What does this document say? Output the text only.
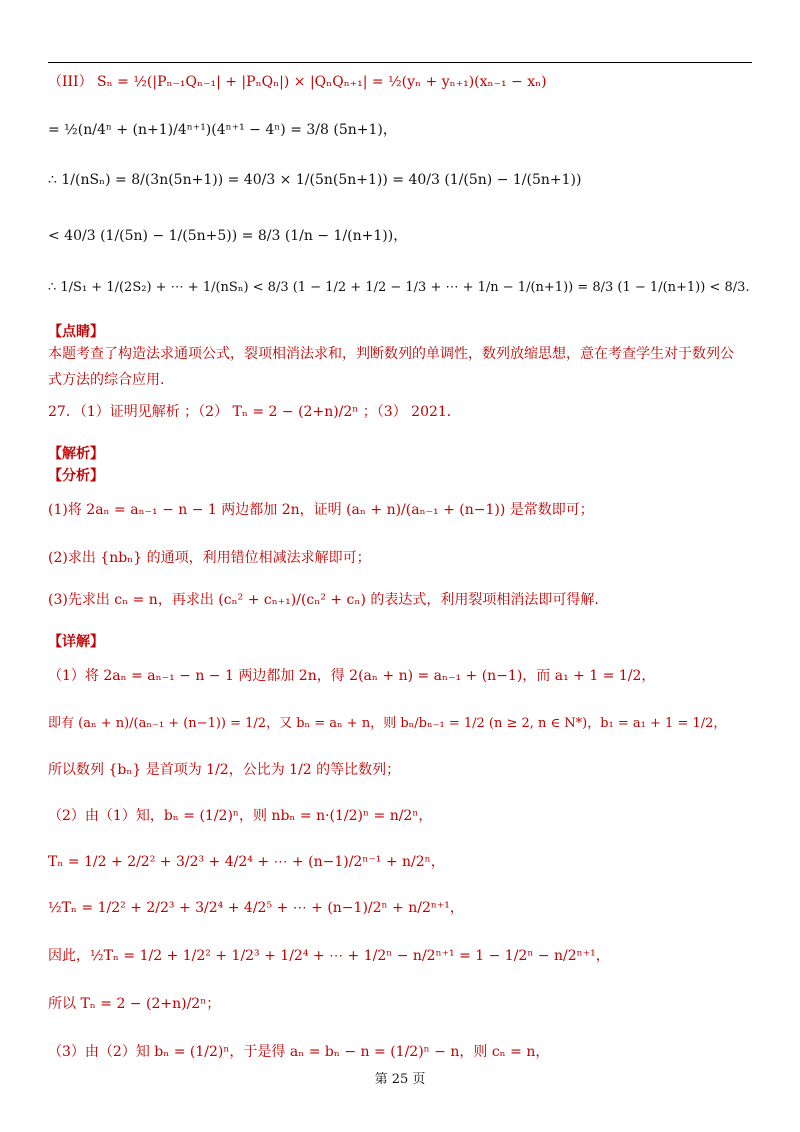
（III） Sₙ = ½(|Pₙ₋₁Qₙ₋₁| + |PₙQₙ|) × |QₙQₙ₊₁| = ½(yₙ + yₙ₊₁)(xₙ₋₁ − xₙ)
= ½(n/4ⁿ + (n+1)/4ⁿ⁺¹)(4ⁿ⁺¹ − 4ⁿ) = 3/8 (5n+1)，
∴ 1/(nSₙ) = 8/(3n(5n+1)) = 40/3 × 1/(5n(5n+1)) = 40/3 (1/(5n) − 1/(5n+1))
< 40/3 (1/(5n) − 1/(5n+5)) = 8/3 (1/n − 1/(n+1))，
∴ 1/S₁ + 1/(2S₂) + ⋯ + 1/(nSₙ) < 8/3 (1 − 1/2 + 1/2 − 1/3 + ⋯ + 1/n − 1/(n+1)) = 8/3 (1 − 1/(n+1)) < 8/3.
【点睛】
本题考查了构造法求通项公式，裂项相消法求和，判断数列的单调性，数列放缩思想，意在考查学生对于数列公
式方法的综合应用.
27．（1）证明见解析 ；（2） Tₙ = 2 − (2+n)/2ⁿ ；（3） 2021．
【解析】
【分析】
(1)将 2aₙ = aₙ₋₁ − n − 1 两边都加 2n，证明 (aₙ + n)/(aₙ₋₁ + (n−1)) 是常数即可；
(2)求出 {nbₙ} 的通项，利用错位相减法求解即可；
(3)先求出 cₙ = n，再求出 (cₙ² + cₙ₊₁)/(cₙ² + cₙ) 的表达式，利用裂项相消法即可得解.
【详解】
（1）将 2aₙ = aₙ₋₁ − n − 1 两边都加 2n，得 2(aₙ + n) = aₙ₋₁ + (n−1)，而 a₁ + 1 = 1/2，
即有 (aₙ + n)/(aₙ₋₁ + (n−1)) = 1/2，又 bₙ = aₙ + n，则 bₙ/bₙ₋₁ = 1/2 (n ≥ 2, n ∈ N*)，b₁ = a₁ + 1 = 1/2，
所以数列 {bₙ} 是首项为 1/2，公比为 1/2 的等比数列；
（2）由（1）知，bₙ = (1/2)ⁿ，则 nbₙ = n·(1/2)ⁿ = n/2ⁿ，
Tₙ = 1/2 + 2/2² + 3/2³ + 4/2⁴ + ⋯ + (n−1)/2ⁿ⁻¹ + n/2ⁿ，
½Tₙ = 1/2² + 2/2³ + 3/2⁴ + 4/2⁵ + ⋯ + (n−1)/2ⁿ + n/2ⁿ⁺¹，
因此，½Tₙ = 1/2 + 1/2² + 1/2³ + 1/2⁴ + ⋯ + 1/2ⁿ − n/2ⁿ⁺¹ = 1 − 1/2ⁿ − n/2ⁿ⁺¹，
所以 Tₙ = 2 − (2+n)/2ⁿ；
（3）由（2）知 bₙ = (1/2)ⁿ，于是得 aₙ = bₙ − n = (1/2)ⁿ − n，则 cₙ = n，
第 25 页
